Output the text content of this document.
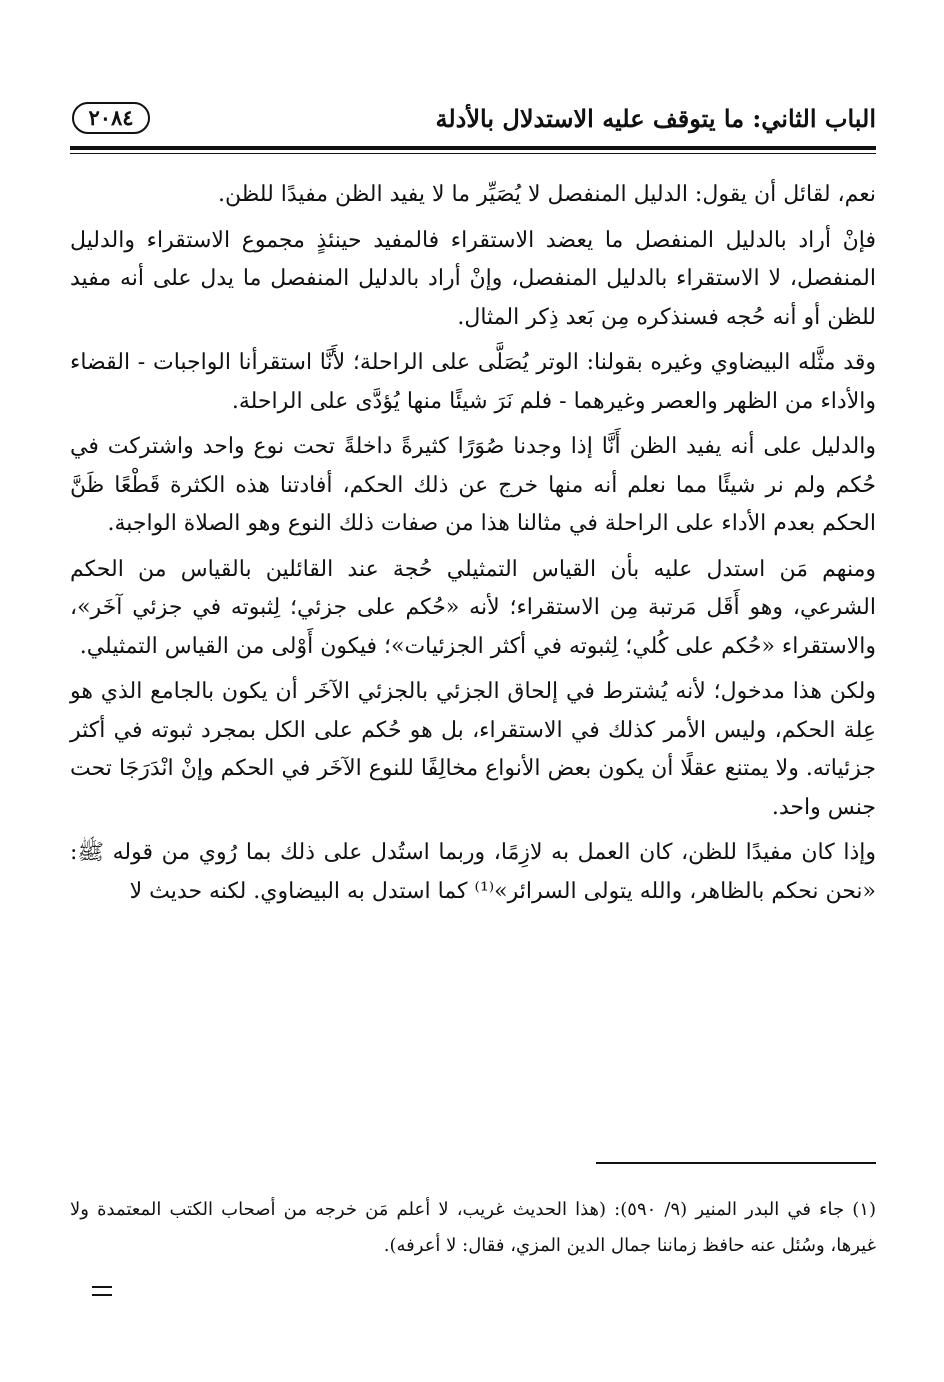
الباب الثاني: ما يتوقف عليه الاستدلال بالأدلة
٢٠٨٤

نعم، لقائل أن يقول: الدليل المنفصل لا يُصَيِّر ما لا يفيد الظن مفيدًا للظن.

فإنْ أراد بالدليل المنفصل ما يعضد الاستقراء فالمفيد حينئذٍ مجموع الاستقراء والدليل المنفصل، لا الاستقراء بالدليل المنفصل، وإنْ أراد بالدليل المنفصل ما يدل على أنه مفيد للظن أو أنه حُجه فسنذكره مِن بَعد ذِكر المثال.

وقد مثَّله البيضاوي وغيره بقولنا: الوتر يُصَلَّى على الراحلة؛ لأَنَّا استقرأنا الواجبات - القضاء والأداء من الظهر والعصر وغيرهما - فلم نَرَ شيئًا منها يُؤدَّى على الراحلة.

والدليل على أنه يفيد الظن أَنَّا إذا وجدنا صُوَرًا كثيرةً داخلةً تحت نوع واحد واشتركت في حُكم ولم نر شيئًا مما نعلم أنه منها خرج عن ذلك الحكم، أفادتنا هذه الكثرة قَطْعًا ظَنَّ الحكم بعدم الأداء على الراحلة في مثالنا هذا من صفات ذلك النوع وهو الصلاة الواجبة.

ومنهم مَن استدل عليه بأن القياس التمثيلي حُجة عند القائلين بالقياس من الحكم الشرعي، وهو أَقَل مَرتبة مِن الاستقراء؛ لأنه «حُكم على جزئي؛ لِثبوته في جزئي آخَر»، والاستقراء «حُكم على كُلي؛ لِثبوته في أكثر الجزئيات»؛ فيكون أَوْلى من القياس التمثيلي.

ولكن هذا مدخول؛ لأنه يُشترط في إلحاق الجزئي بالجزئي الآخَر أن يكون بالجامع الذي هو عِلة الحكم، وليس الأمر كذلك في الاستقراء، بل هو حُكم على الكل بمجرد ثبوته في أكثر جزئياته. ولا يمتنع عقلًا أن يكون بعض الأنواع مخالِفًا للنوع الآخَر في الحكم وإنْ انْدَرَجَا تحت جنس واحد.

وإذا كان مفيدًا للظن، كان العمل به لازِمًا، وربما استُدل على ذلك بما رُوي من قوله ﷺ: «نحن نحكم بالظاهر، والله يتولى السرائر»⁽¹⁾ كما استدل به البيضاوي. لكنه حديث لا

(١) جاء في البدر المنير (٩/ ٥٩٠): (هذا الحديث غريب، لا أعلم مَن خرجه من أصحاب الكتب المعتمدة ولا غيرها، وسُئل عنه حافظ زماننا جمال الدين المزي، فقال: لا أعرفه).
